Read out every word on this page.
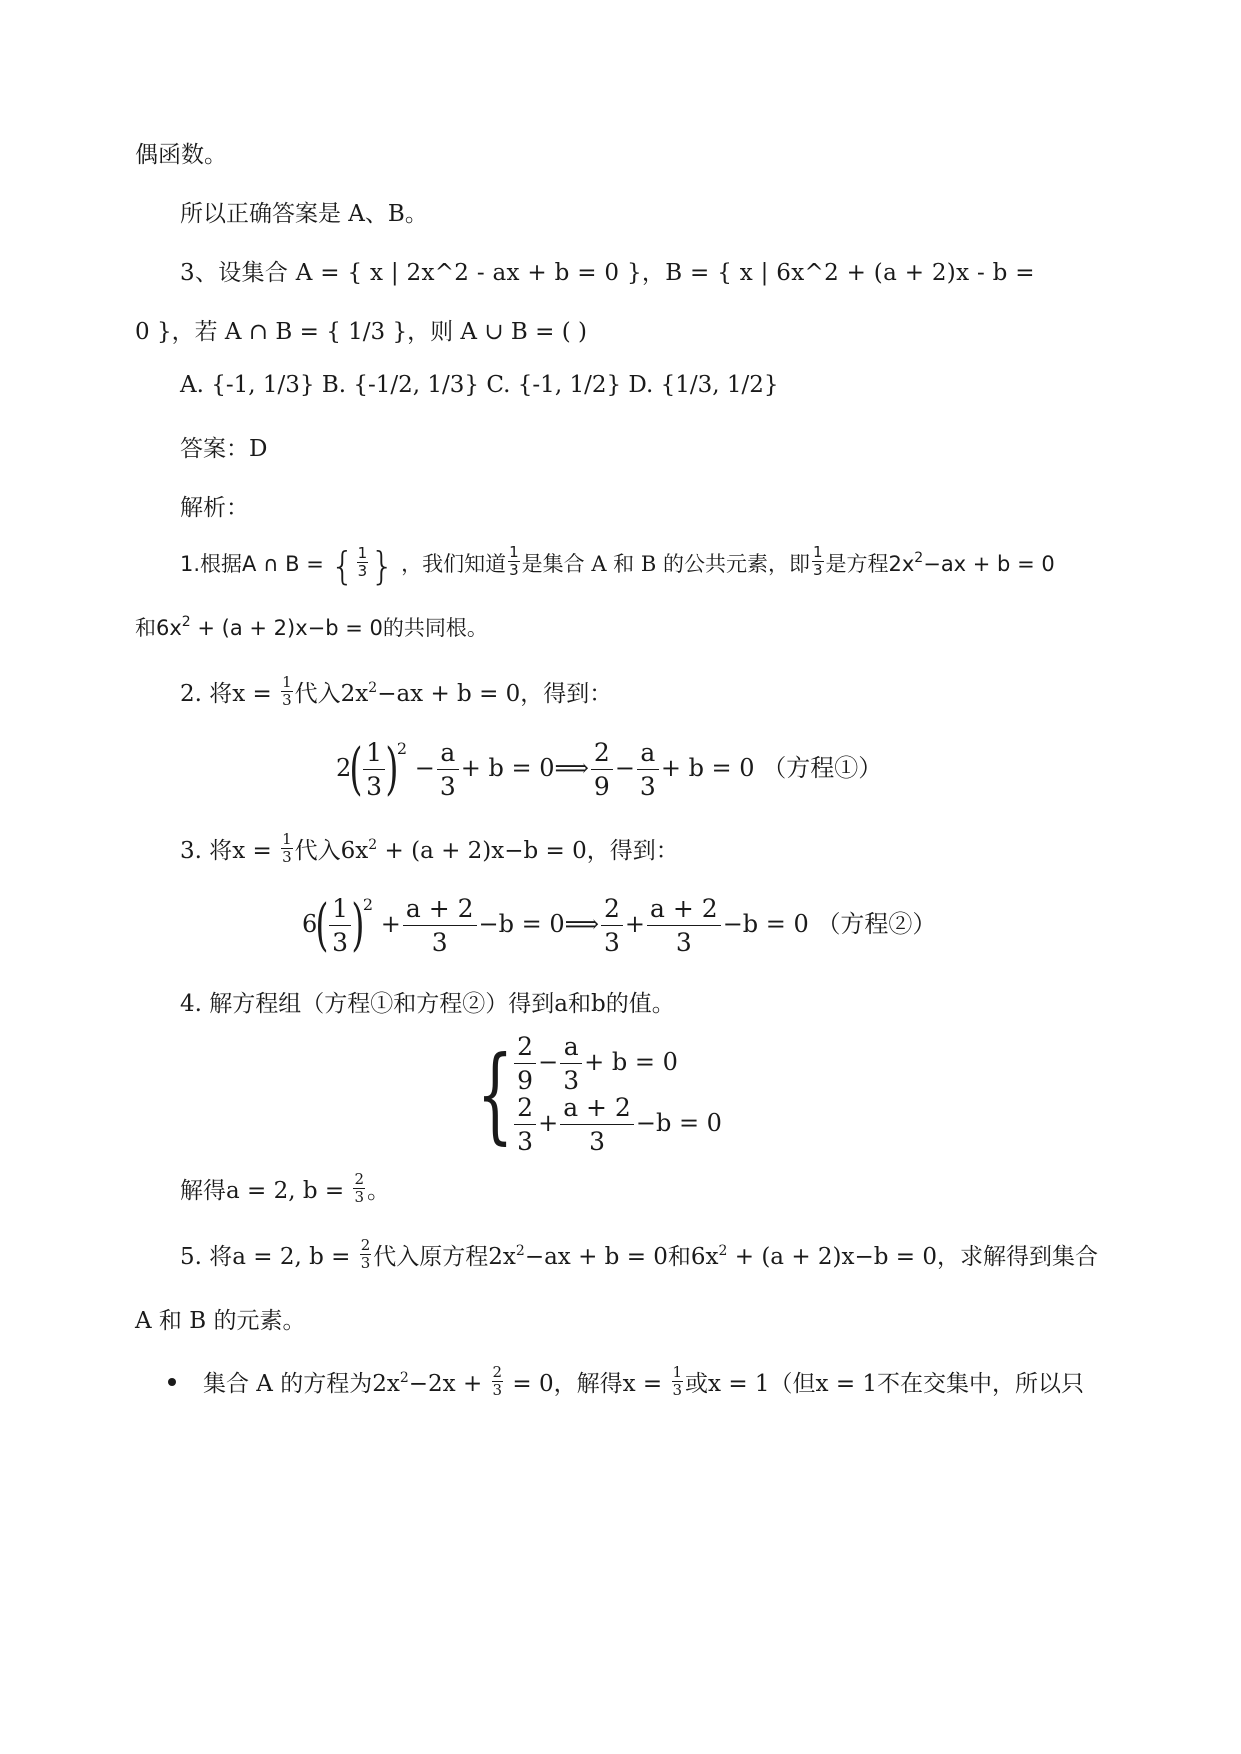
偶函数。
所以正确答案是 A、B。
3、设集合 A = { x | 2x^2 - ax + b = 0 }，B = { x | 6x^2 + (a + 2)x - b =
0 }，若 A ∩ B = { 1/3 }，则 A ∪ B = ( )
A. {-1, 1/3} B. {-1/2, 1/3} C. {-1, 1/2} D. {1/3, 1/2}
答案：D
解析：
1.根据A ∩ B = { $\frac{1}{3}$ } ，我们知道 $\frac{1}{3}$ 是集合 A 和 B 的公共元素，即 $\frac{1}{3}$ 是方程$2x^2-ax + b = 0$
和$6x^2 + (a + 2)x-b = 0$的共同根。
2. 将$x = \frac{1}{3}$ 代入$2x^2-ax + b = 0$，得到：
$2( \frac{1}{3} )^2 - \frac{a}{3} + b$ = 0⟹ $\frac{2}{9} - \frac{a}{3} + b = 0$ （方程①）
3. 将$x = \frac{1}{3}$ 代入$6x^2 + (a + 2)x-b = 0$，得到：
$6( \frac{1}{3} )^2 + \frac{a + 2}{3} -b$ = 0⟹ $\frac{2}{3} + \frac{a + 2}{3} -b = 0$ （方程②）
4. 解方程组（方程①和方程②）得到a和b的值。
{ $\frac{2}{9} - \frac{a}{3} + b = 0$
$\frac{2}{3} + \frac{a + 2}{3} -b = 0$
解得a = 2, $b = \frac{2}{3}$ 。
5. 将a = 2, $b = \frac{2}{3}$ 代入原方程$2x^2-ax + b = 0$和$6x^2 + (a + 2)x-b = 0$，求解得到集合
A 和 B 的元素。
集合 A 的方程为$2x^2-2x + \frac{2}{3} = 0$，解得$x = \frac{1}{3}$ 或x = 1（但x = 1不在交集中，所以只
